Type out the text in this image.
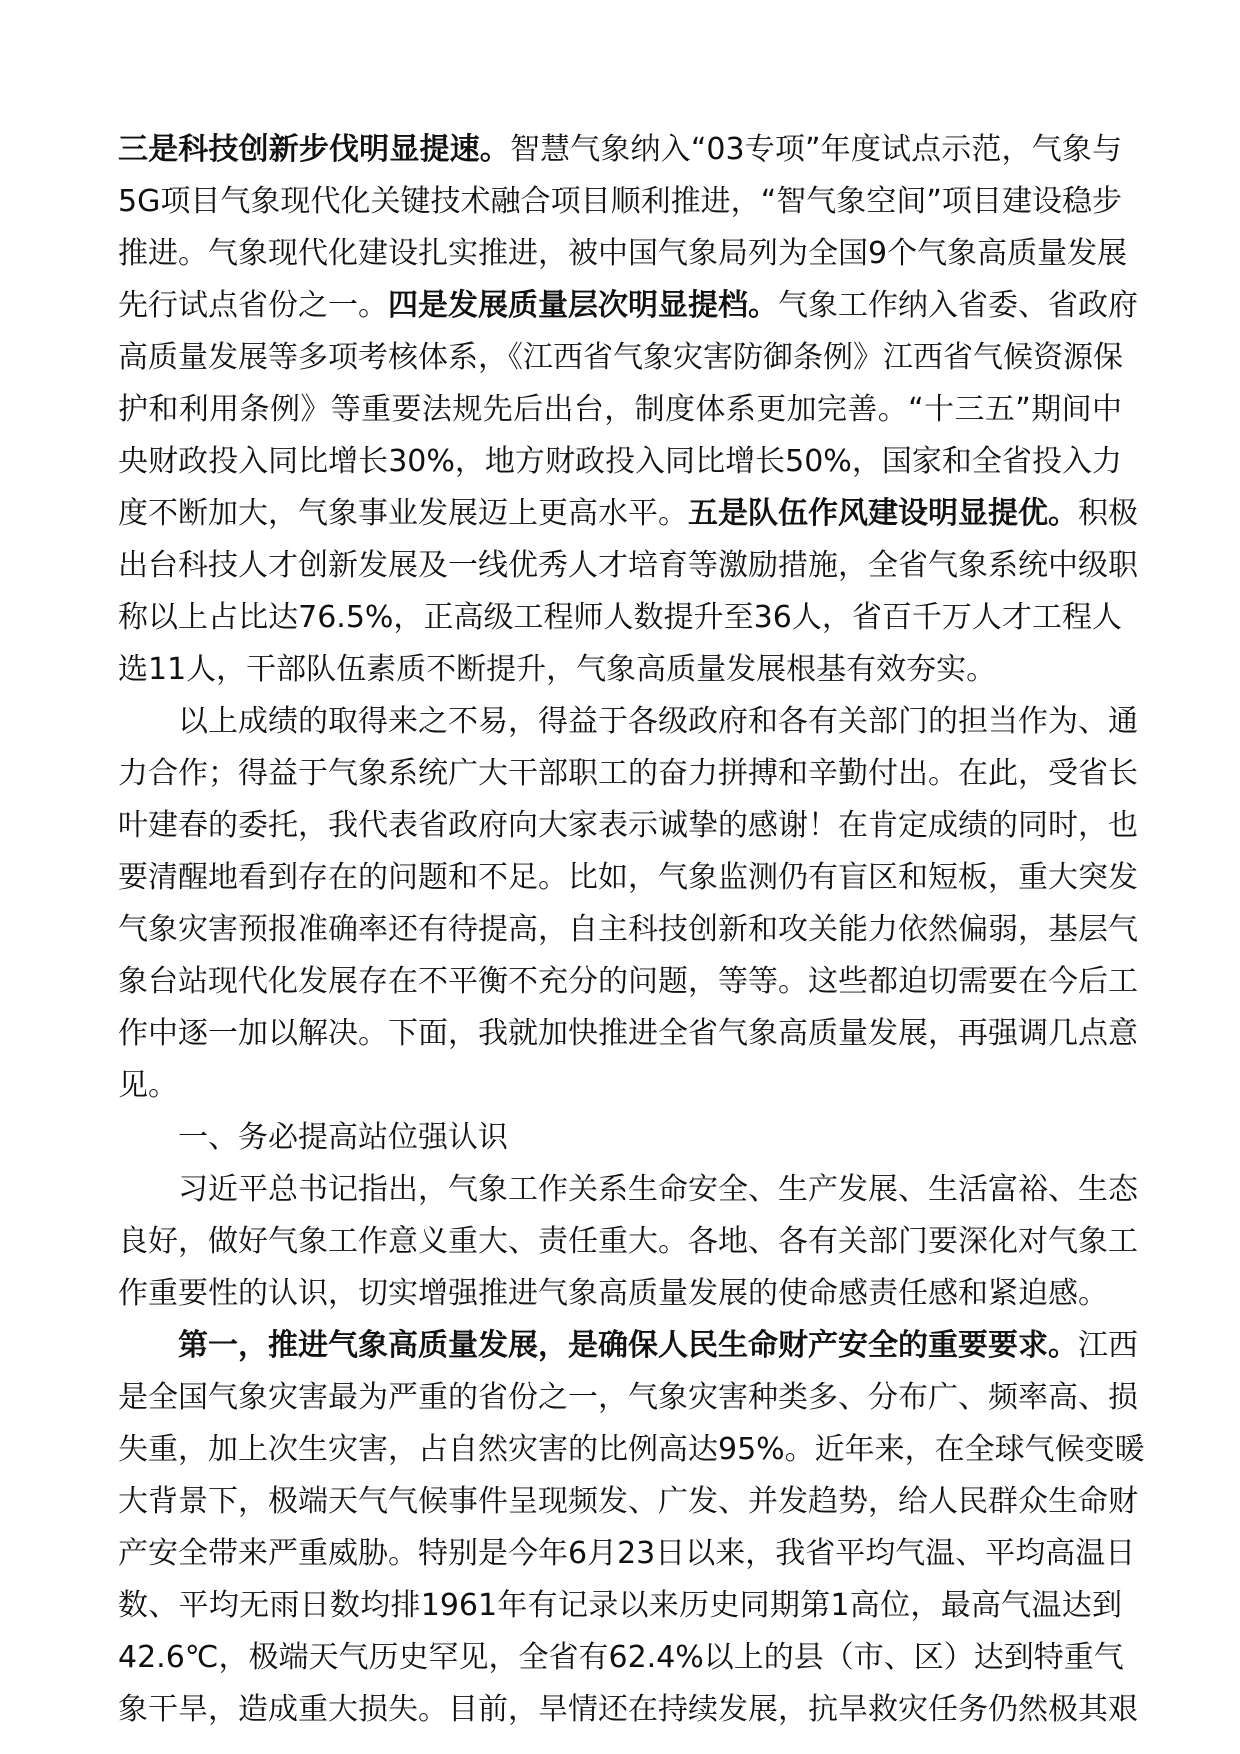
三是科技创新步伐明显提速。智慧气象纳入“03专项”年度试点示范，气象与
5G项目气象现代化关键技术融合项目顺利推进，“智气象空间”项目建设稳步
推进。气象现代化建设扎实推进，被中国气象局列为全国9个气象高质量发展
先行试点省份之一。四是发展质量层次明显提档。气象工作纳入省委、省政府
高质量发展等多项考核体系，《江西省气象灾害防御条例》江西省气候资源保
护和利用条例》等重要法规先后出台，制度体系更加完善。“十三五”期间中
央财政投入同比增长30%，地方财政投入同比增长50%，国家和全省投入力
度不断加大，气象事业发展迈上更高水平。五是队伍作风建设明显提优。积极
出台科技人才创新发展及一线优秀人才培育等激励措施，全省气象系统中级职
称以上占比达76.5%，正高级工程师人数提升至36人，省百千万人才工程人
选11人，干部队伍素质不断提升，气象高质量发展根基有效夯实。
以上成绩的取得来之不易，得益于各级政府和各有关部门的担当作为、通
力合作；得益于气象系统广大干部职工的奋力拼搏和辛勤付出。在此，受省长
叶建春的委托，我代表省政府向大家表示诚挚的感谢！在肯定成绩的同时，也
要清醒地看到存在的问题和不足。比如，气象监测仍有盲区和短板，重大突发
气象灾害预报准确率还有待提高，自主科技创新和攻关能力依然偏弱，基层气
象台站现代化发展存在不平衡不充分的问题，等等。这些都迫切需要在今后工
作中逐一加以解决。下面，我就加快推进全省气象高质量发展，再强调几点意
见。
一、务必提高站位强认识
习近平总书记指出，气象工作关系生命安全、生产发展、生活富裕、生态
良好，做好气象工作意义重大、责任重大。各地、各有关部门要深化对气象工
作重要性的认识，切实增强推进气象高质量发展的使命感责任感和紧迫感。
第一，推进气象高质量发展，是确保人民生命财产安全的重要要求。江西
是全国气象灾害最为严重的省份之一，气象灾害种类多、分布广、频率高、损
失重，加上次生灾害，占自然灾害的比例高达95%。近年来，在全球气候变暖
大背景下，极端天气气候事件呈现频发、广发、并发趋势，给人民群众生命财
产安全带来严重威胁。特别是今年6月23日以来，我省平均气温、平均高温日
数、平均无雨日数均排1961年有记录以来历史同期第1高位，最高气温达到
42.6℃，极端天气历史罕见，全省有62.4%以上的县（市、区）达到特重气
象干旱，造成重大损失。目前，旱情还在持续发展，抗旱救灾任务仍然极其艰
